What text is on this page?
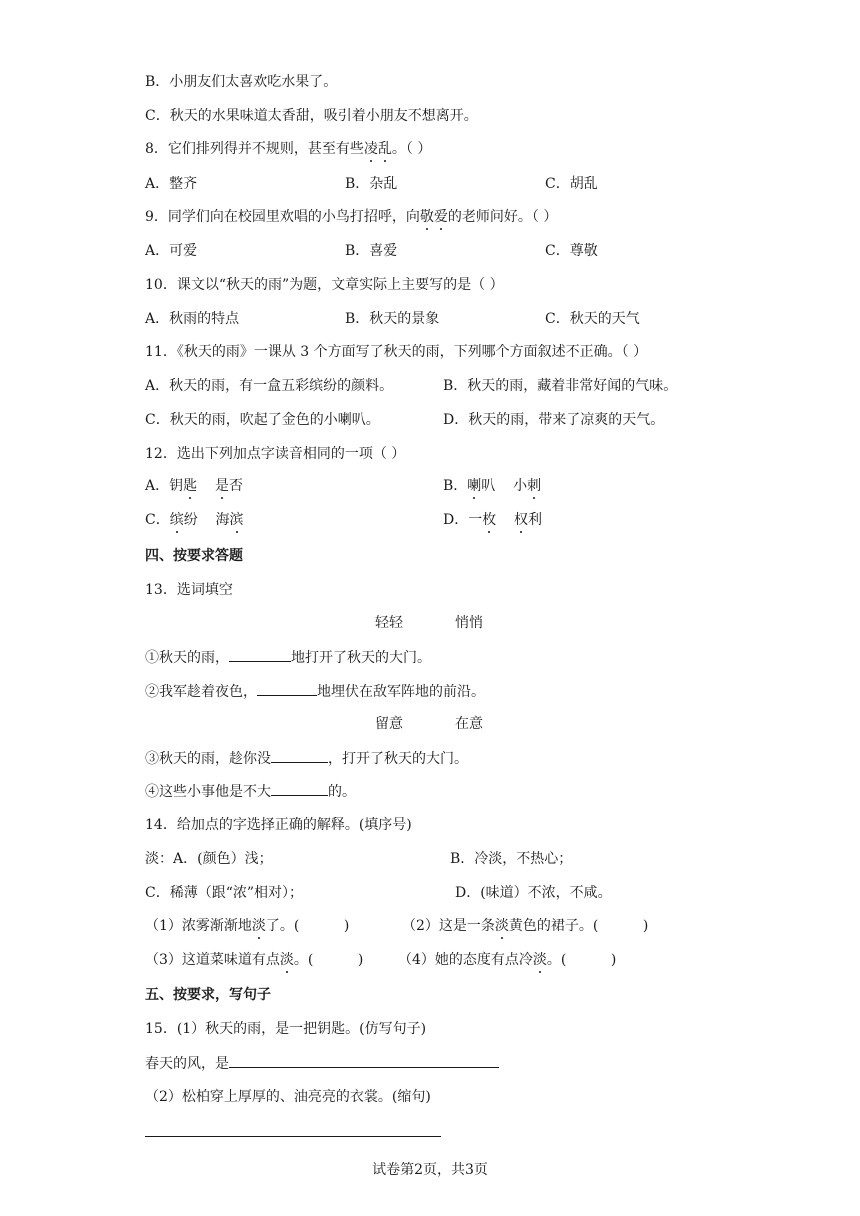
B．小朋友们太喜欢吃水果了。
C．秋天的水果味道太香甜，吸引着小朋友不想离开。
8．它们排列得并不规则，甚至有些凌乱。（ ）
A．整齐	B．杂乱	C．胡乱
9．同学们向在校园里欢唱的小鸟打招呼，向敬爱的老师问好。（ ）
A．可爱	B．喜爱	C．尊敬
10．课文以“秋天的雨”为题，文章实际上主要写的是（ ）
A．秋雨的特点	B．秋天的景象	C．秋天的天气
11．《秋天的雨》一课从 3 个方面写了秋天的雨，下列哪个方面叙述不正确。（ ）
A．秋天的雨，有一盒五彩缤纷的颜料。	B．秋天的雨，藏着非常好闻的气味。
C．秋天的雨，吹起了金色的小喇叭。	D．秋天的雨，带来了凉爽的天气。
12．选出下列加点字读音相同的一项（ ）
A．钥匙 是否	B．喇叭    小刺
C．缤纷    海滨	D．一枚 权利
四、按要求答题
13．选词填空
轻轻	悄悄
①秋天的雨，	地打开了秋天的大门。
②我军趁着夜色，	地埋伏在敌军阵地的前沿。
留意	在意
③秋天的雨，趁你没	，打开了秋天的大门。
④这些小事他是不大	的。
14．给加点的字选择正确的解释。(填序号)
淡：A．(颜色）浅；	B．冷淡，不热心；
C．稀薄（跟“浓”相对）；	D．(味道）不浓，不咸。
（1）浓雾渐渐地淡了。(          )	（2）这是一条淡黄色的裙子。(          )
（3）这道菜味道有点淡。(          ) （4）她的态度有点冷淡。(          )
五、按要求，写句子
15．(1）秋天的雨，是一把钥匙。(仿写句子)
春天的风，是
（2）松柏穿上厚厚的、油亮亮的衣裳。(缩句)
试卷第2页，共3页
